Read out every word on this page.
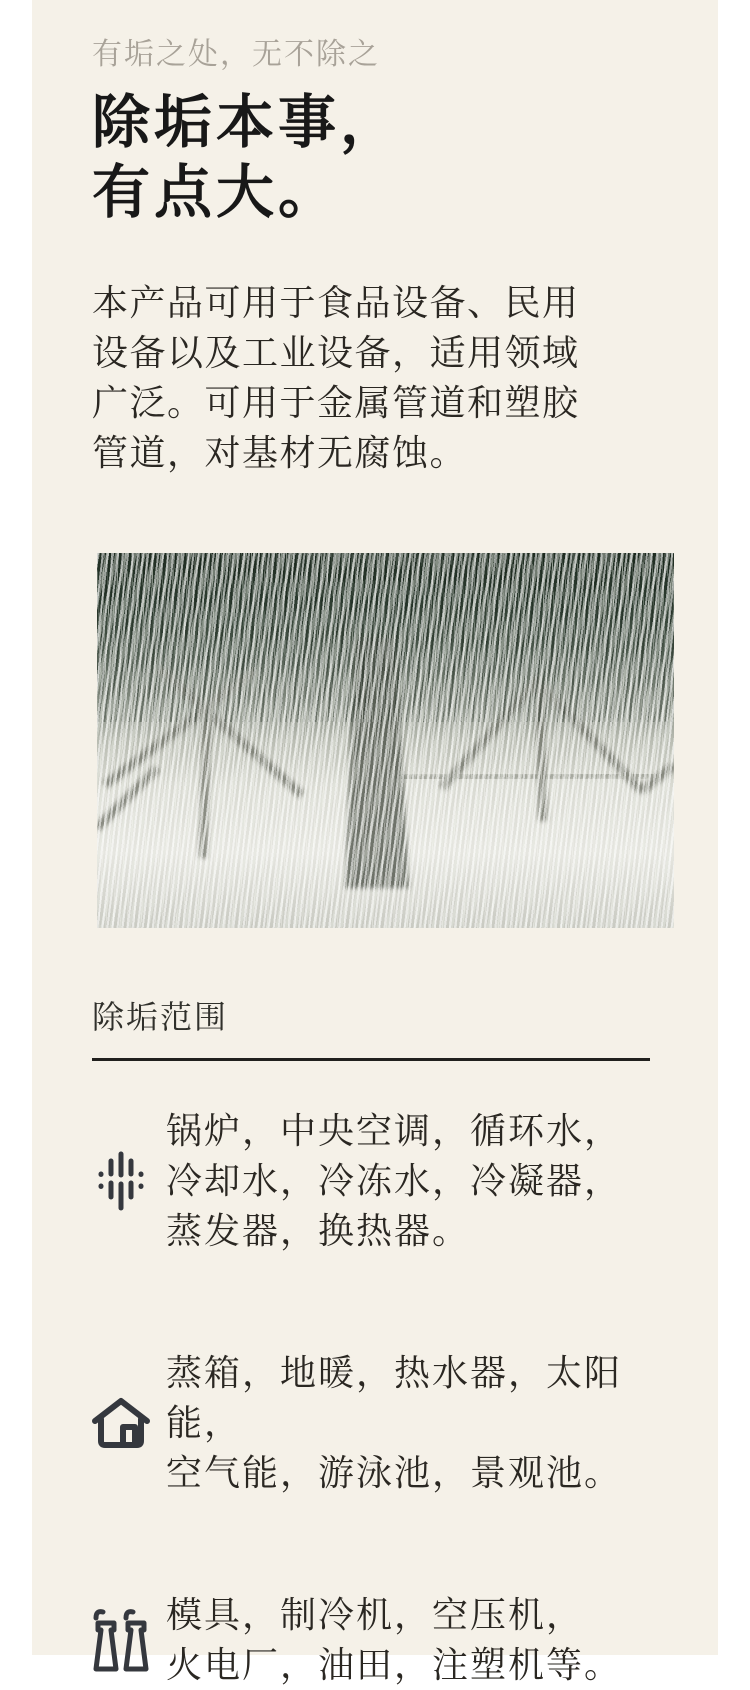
有垢之处，无不除之
除垢本事，
有点大。
本产品可用于食品设备、民用
设备以及工业设备，适用领域
广泛。可用于金属管道和塑胶
管道，对基材无腐蚀。
除垢范围
锅炉，中央空调，循环水，
冷却水，冷冻水，冷凝器，
蒸发器，换热器。
蒸箱，地暖，热水器，太阳能，
空气能，游泳池，景观池。
模具，制冷机，空压机，
火电厂，油田，注塑机等。
